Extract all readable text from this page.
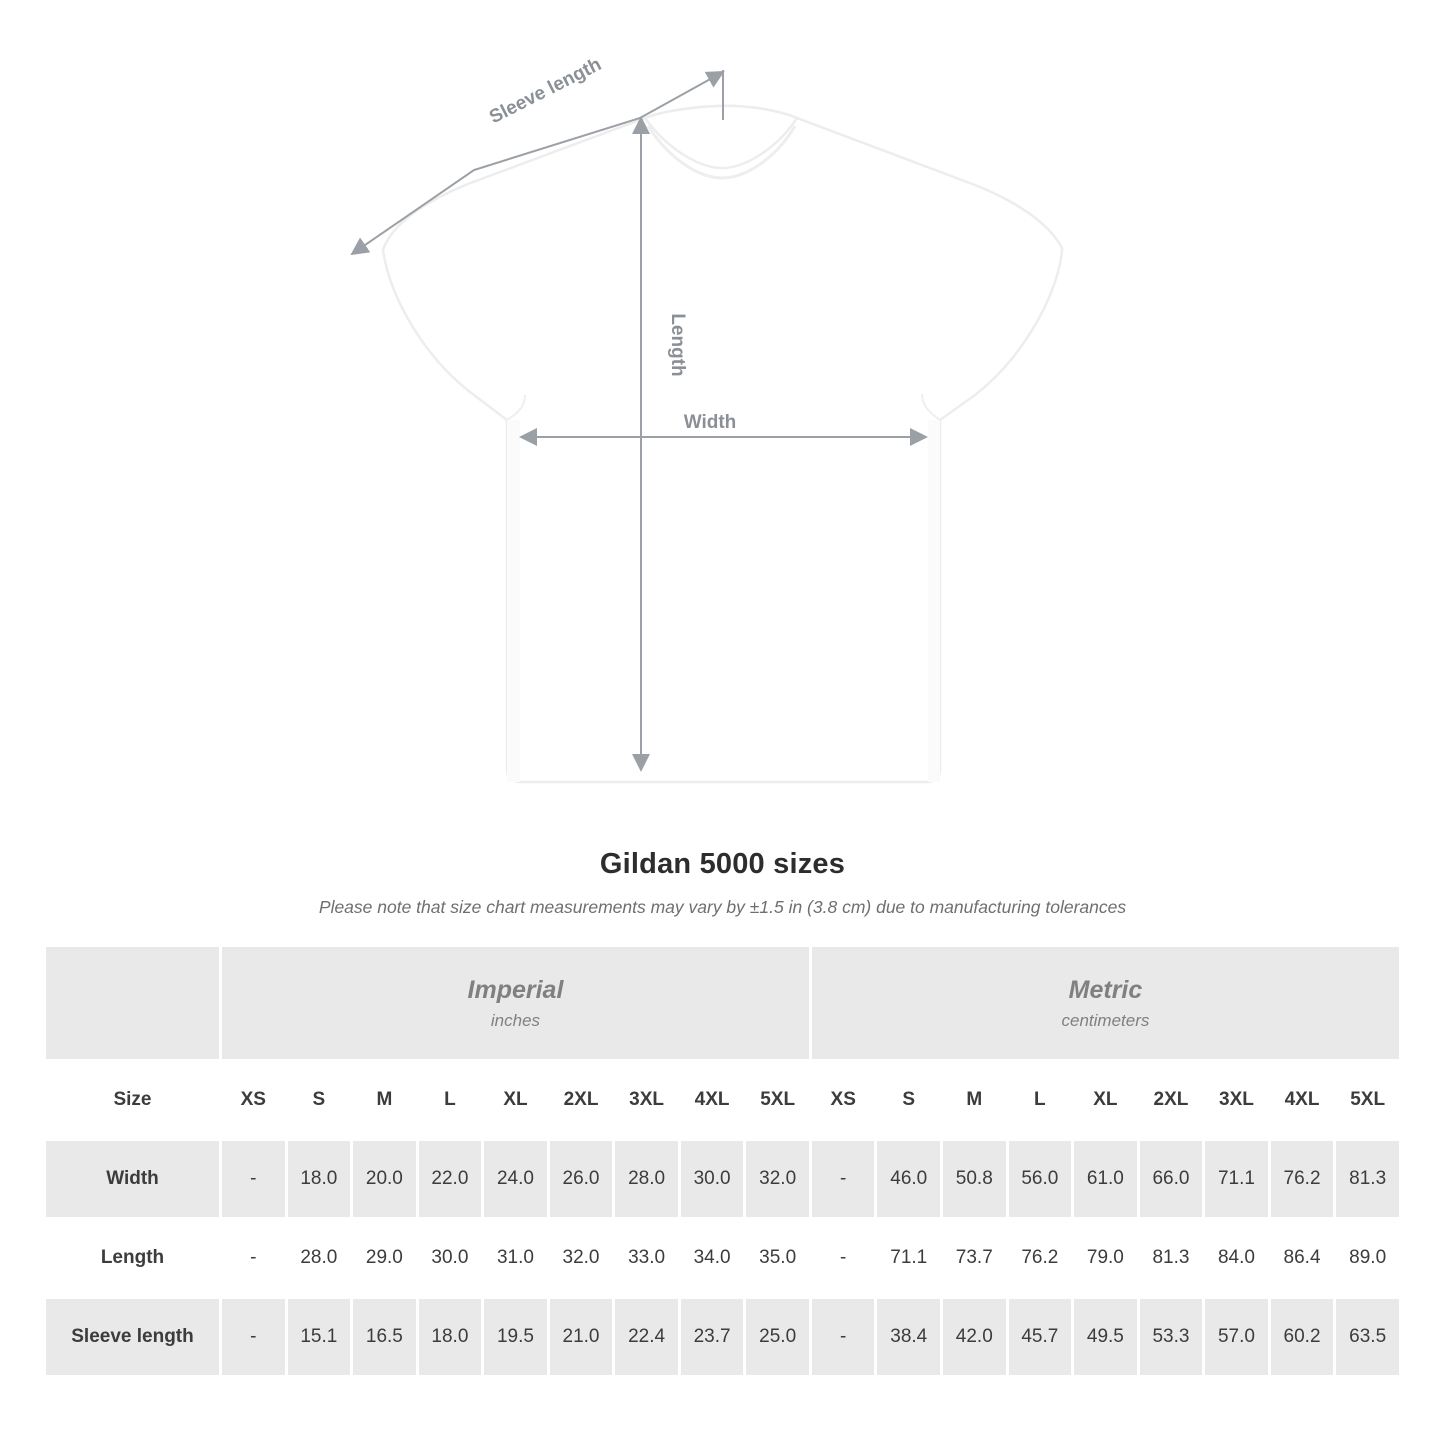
Length
Width
Sleeve length
Gildan 5000 sizes
Please note that size chart measurements may vary by ±1.5 in (3.8 cm) due to manufacturing tolerances

Imperial
inches

Metric
centimeters

Size	XS	S	M	L	XL	2XL	3XL	4XL	5XL	XS	S	M	L	XL	2XL	3XL	4XL	5XL
Width	-	18.0	20.0	22.0	24.0	26.0	28.0	30.0	32.0	-	46.0	50.8	56.0	61.0	66.0	71.1	76.2	81.3
Length	-	28.0	29.0	30.0	31.0	32.0	33.0	34.0	35.0	-	71.1	73.7	76.2	79.0	81.3	84.0	86.4	89.0
Sleeve length	-	15.1	16.5	18.0	19.5	21.0	22.4	23.7	25.0	-	38.4	42.0	45.7	49.5	53.3	57.0	60.2	63.5
